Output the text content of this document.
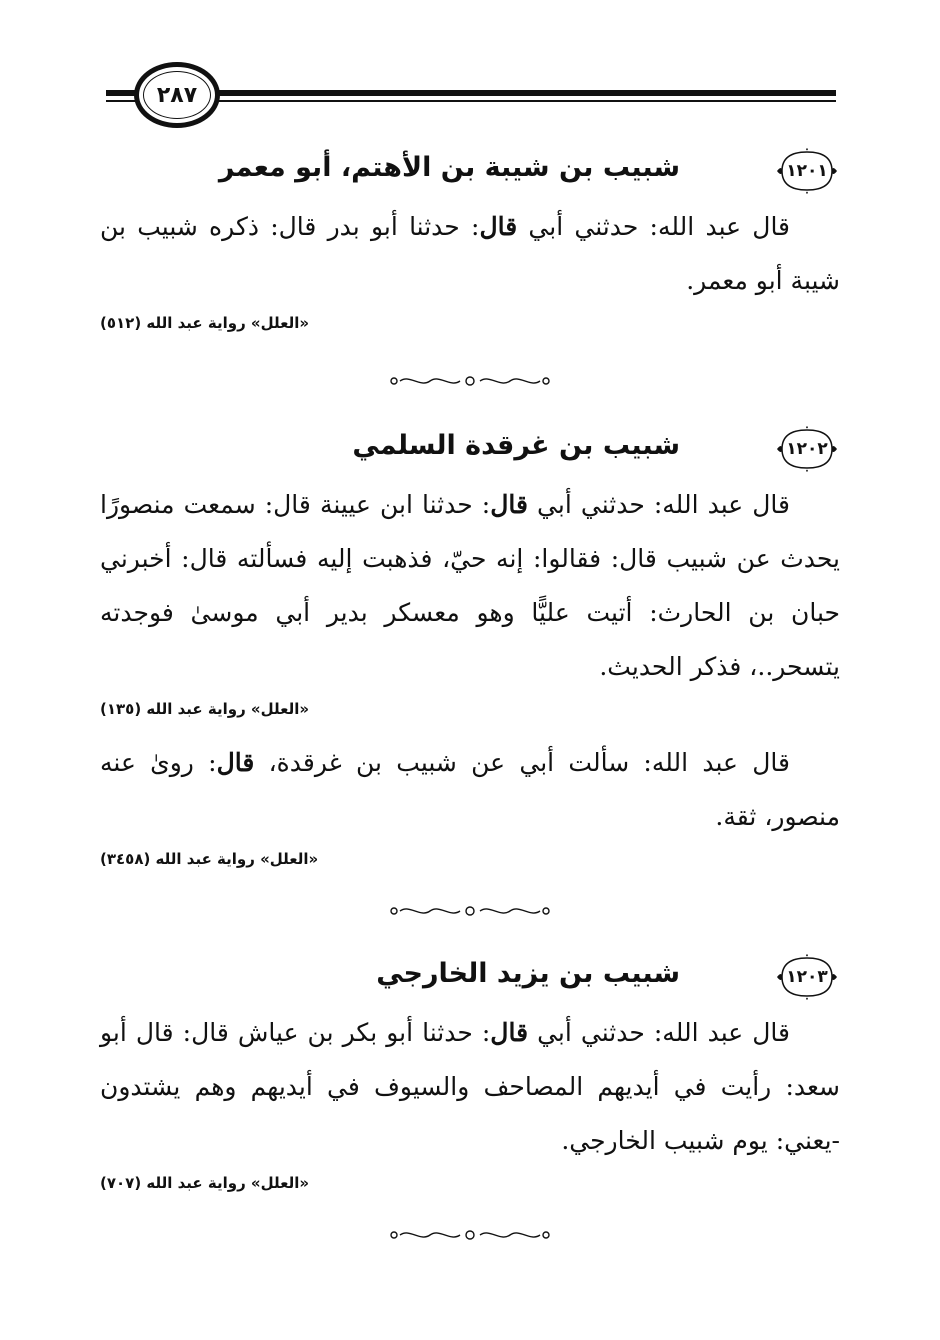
٢٨٧
١٢٠١
شبيب بن شيبة بن الأهتم، أبو معمر

قال عبد الله: حدثني أبي قال: حدثنا أبو بدر قال: ذكره شبيب بن شيبة أبو معمر.

«العلل» رواية عبد الله (٥١٢)
١٢٠٢
شبيب بن غرقدة السلمي

قال عبد الله: حدثني أبي قال: حدثنا ابن عيينة قال: سمعت منصورًا يحدث عن شبيب قال: فقالوا: إنه حيّ، فذهبت إليه فسألته قال: أخبرني حبان بن الحارث: أتيت عليًّا وهو معسكر بدير أبي موسىٰ فوجدته يتسحر..، فذكر الحديث.

«العلل» رواية عبد الله (١٣٥)

قال عبد الله: سألت أبي عن شبيب بن غرقدة، قال: رویٰ عنه منصور، ثقة.

«العلل» رواية عبد الله (٣٤٥٨)
١٢٠٣
شبيب بن يزيد الخارجي

قال عبد الله: حدثني أبي قال: حدثنا أبو بكر بن عياش قال: قال أبو سعد: رأيت في أيديهم المصاحف والسيوف في أيديهم وهم يشتدون -يعني: يوم شبيب الخارجي.

«العلل» رواية عبد الله (٧٠٧)
